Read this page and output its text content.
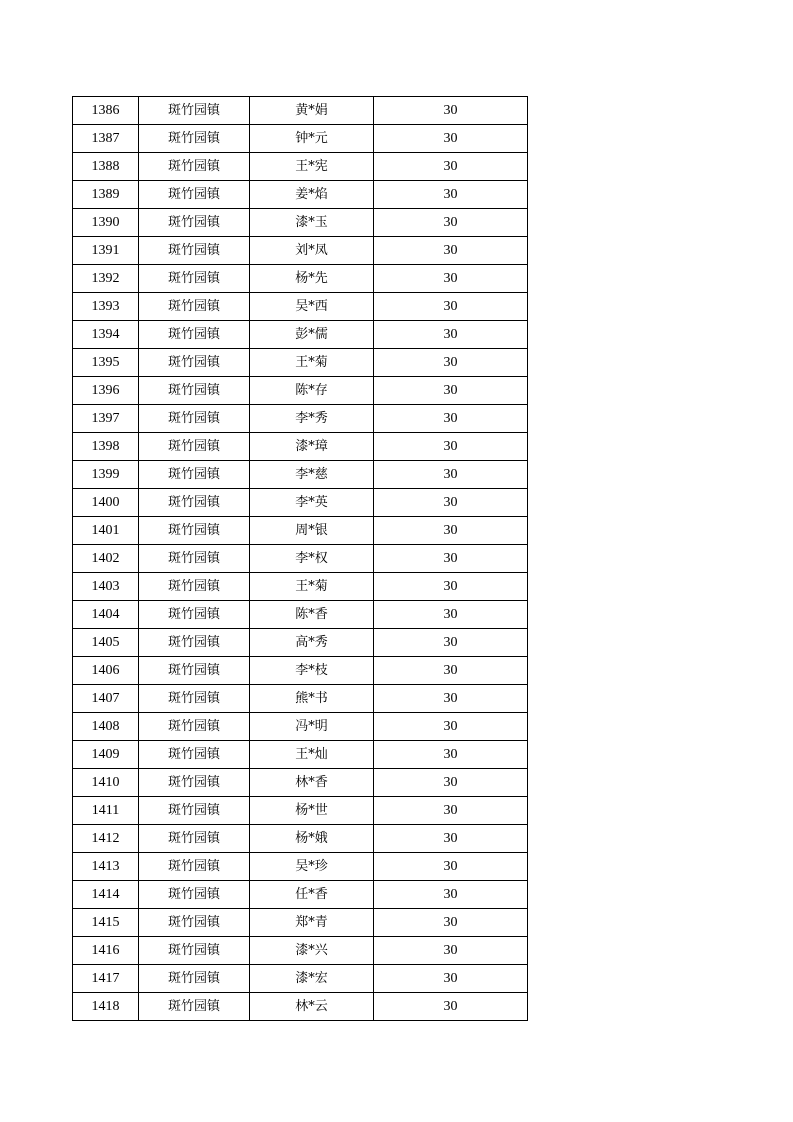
1386	斑竹园镇	黄*娟	30
1387	斑竹园镇	钟*元	30
1388	斑竹园镇	王*宪	30
1389	斑竹园镇	姜*焰	30
1390	斑竹园镇	漆*玉	30
1391	斑竹园镇	刘*凤	30
1392	斑竹园镇	杨*先	30
1393	斑竹园镇	吴*西	30
1394	斑竹园镇	彭*儒	30
1395	斑竹园镇	王*菊	30
1396	斑竹园镇	陈*存	30
1397	斑竹园镇	李*秀	30
1398	斑竹园镇	漆*璋	30
1399	斑竹园镇	李*慈	30
1400	斑竹园镇	李*英	30
1401	斑竹园镇	周*银	30
1402	斑竹园镇	李*权	30
1403	斑竹园镇	王*菊	30
1404	斑竹园镇	陈*香	30
1405	斑竹园镇	高*秀	30
1406	斑竹园镇	李*枝	30
1407	斑竹园镇	熊*书	30
1408	斑竹园镇	冯*明	30
1409	斑竹园镇	王*灿	30
1410	斑竹园镇	林*香	30
1411	斑竹园镇	杨*世	30
1412	斑竹园镇	杨*娥	30
1413	斑竹园镇	吴*珍	30
1414	斑竹园镇	任*香	30
1415	斑竹园镇	郑*青	30
1416	斑竹园镇	漆*兴	30
1417	斑竹园镇	漆*宏	30
1418	斑竹园镇	林*云	30
